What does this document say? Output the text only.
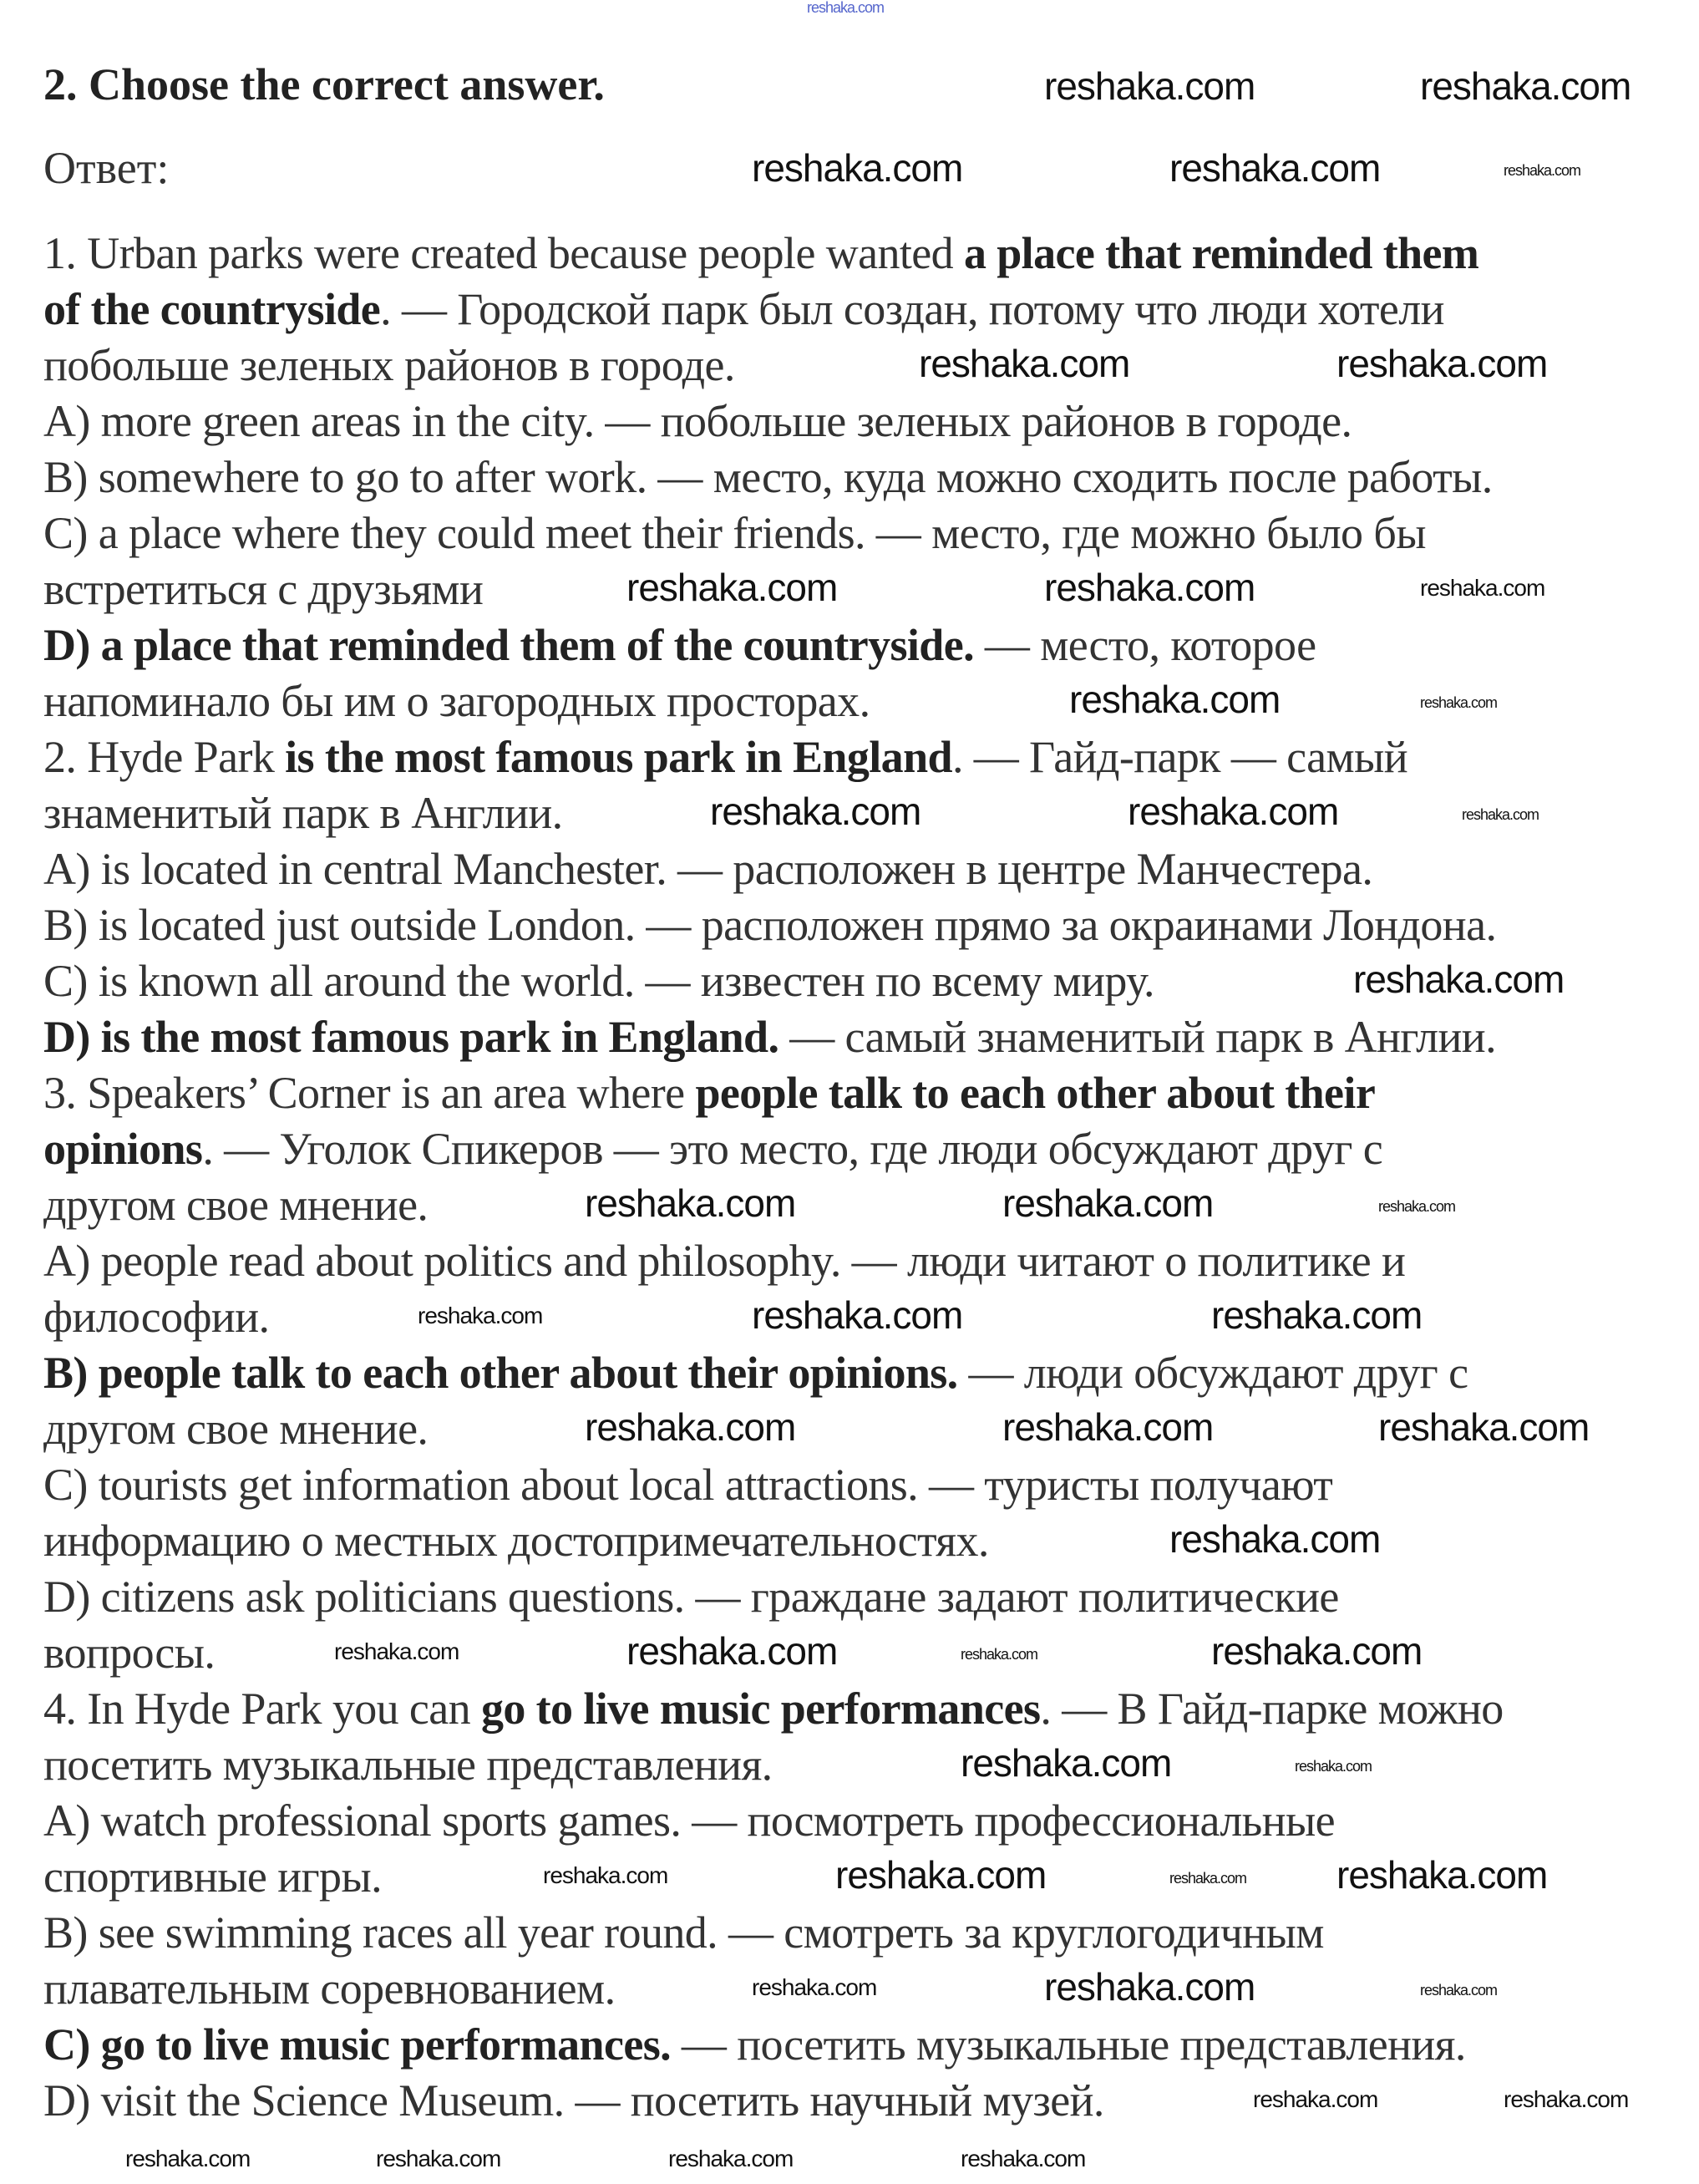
reshaka.com
2. Choose the correct answer.
Ответ:
1. Urban parks were created because people wanted a place that reminded them
of the countryside. — Городской парк был создан, потому что люди хотели
побольше зеленых районов в городе.
A) more green areas in the city. — побольше зеленых районов в городе.
B) somewhere to go to after work. — место, куда можно сходить после работы.
C) a place where they could meet their friends. — место, где можно было бы
встретиться с друзьями
D) a place that reminded them of the countryside. — место, которое
напоминало бы им о загородных просторах.
2. Hyde Park is the most famous park in England. — Гайд-парк — самый
знаменитый парк в Англии.
A) is located in central Manchester. — расположен в центре Манчестера.
B) is located just outside London. — расположен прямо за окраинами Лондона.
C) is known all around the world. — известен по всему миру.
D) is the most famous park in England. — самый знаменитый парк в Англии.
3. Speakers’ Corner is an area where people talk to each other about their
opinions. — Уголок Спикеров — это место, где люди обсуждают друг с
другом свое мнение.
A) people read about politics and philosophy. — люди читают о политике и
философии.
B) people talk to each other about their opinions. — люди обсуждают друг с
другом свое мнение.
C) tourists get information about local attractions. — туристы получают
информацию о местных достопримечательностях.
D) citizens ask politicians questions. — граждане задают политические
вопросы.
4. In Hyde Park you can go to live music performances. — В Гайд-парке можно
посетить музыкальные представления.
A) watch professional sports games. — посмотреть профессиональные
спортивные игры.
B) see swimming races all year round. — смотреть за круглогодичным
плавательным соревнованием.
C) go to live music performances. — посетить музыкальные представления.
D) visit the Science Museum. — посетить научный музей.
reshaka.com	reshaka.com
reshaka.com	reshaka.com	reshaka.com
reshaka.com	reshaka.com
reshaka.com	reshaka.com	reshaka.com
reshaka.com	reshaka.com
reshaka.com	reshaka.com	reshaka.com
reshaka.com
reshaka.com	reshaka.com	reshaka.com
reshaka.com	reshaka.com	reshaka.com
reshaka.com	reshaka.com	reshaka.com
reshaka.com
reshaka.com	reshaka.com	reshaka.com	reshaka.com
reshaka.com	reshaka.com
reshaka.com	reshaka.com	reshaka.com reshaka.com
reshaka.com	reshaka.com	reshaka.com
reshaka.com	reshaka.com
reshaka.com	reshaka.com	reshaka.com	reshaka.com
